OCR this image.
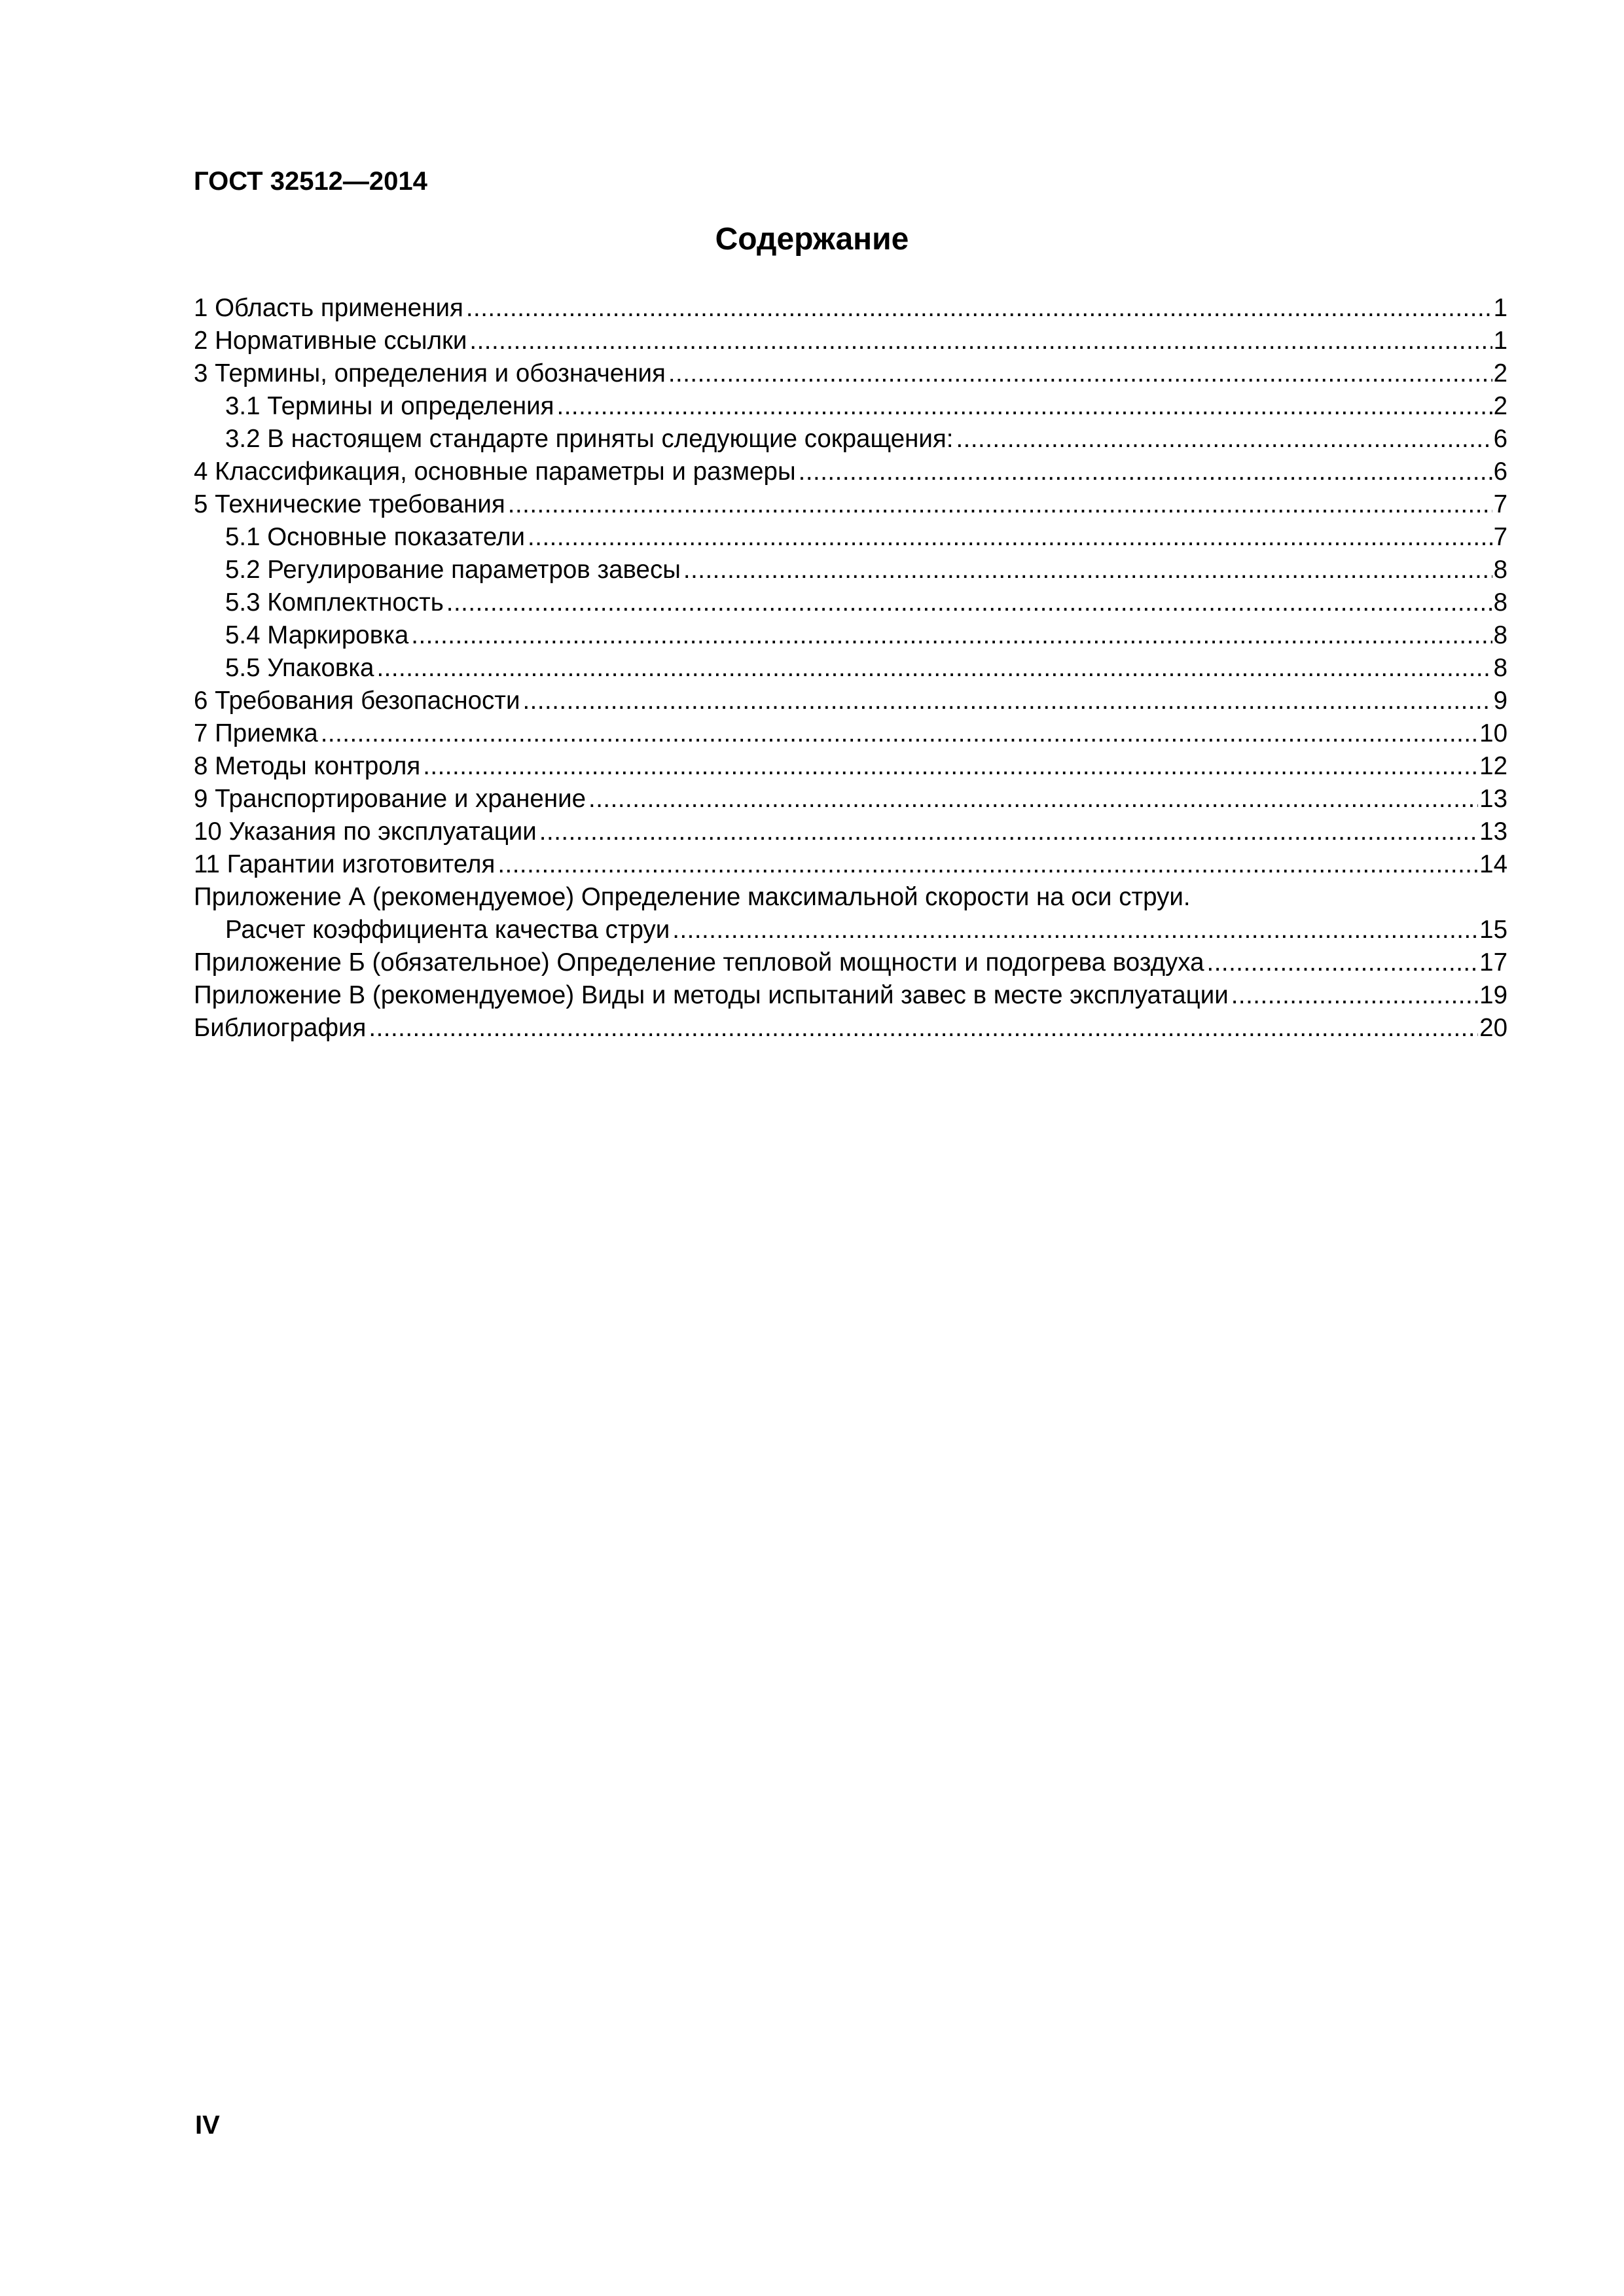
ГОСТ 32512—2014
Содержание
1 Область применения .....	1
2 Нормативные ссылки .....	1
3 Термины, определения и обозначения .....	2
3.1 Термины и определения .....	2
3.2 В настоящем стандарте приняты следующие сокращения: .....	6
4 Классификация, основные параметры и размеры .....	6
5 Технические требования .....	7
5.1 Основные показатели .....	7
5.2 Регулирование параметров завесы .....	8
5.3 Комплектность .....	8
5.4 Маркировка .....	8
5.5 Упаковка .....	8
6 Требования безопасности .....	9
7 Приемка .....	10
8 Методы контроля .....	12
9 Транспортирование и хранение .....	13
10 Указания по эксплуатации .....	13
11 Гарантии изготовителя .....	14
Приложение А (рекомендуемое) Определение максимальной скорости на оси струи.
Расчет коэффициента качества струи .....	15
Приложение Б (обязательное) Определение тепловой мощности и подогрева воздуха .....	17
Приложение В (рекомендуемое) Виды и методы испытаний завес в месте эксплуатации .....	19
Библиография .....	20
IV
